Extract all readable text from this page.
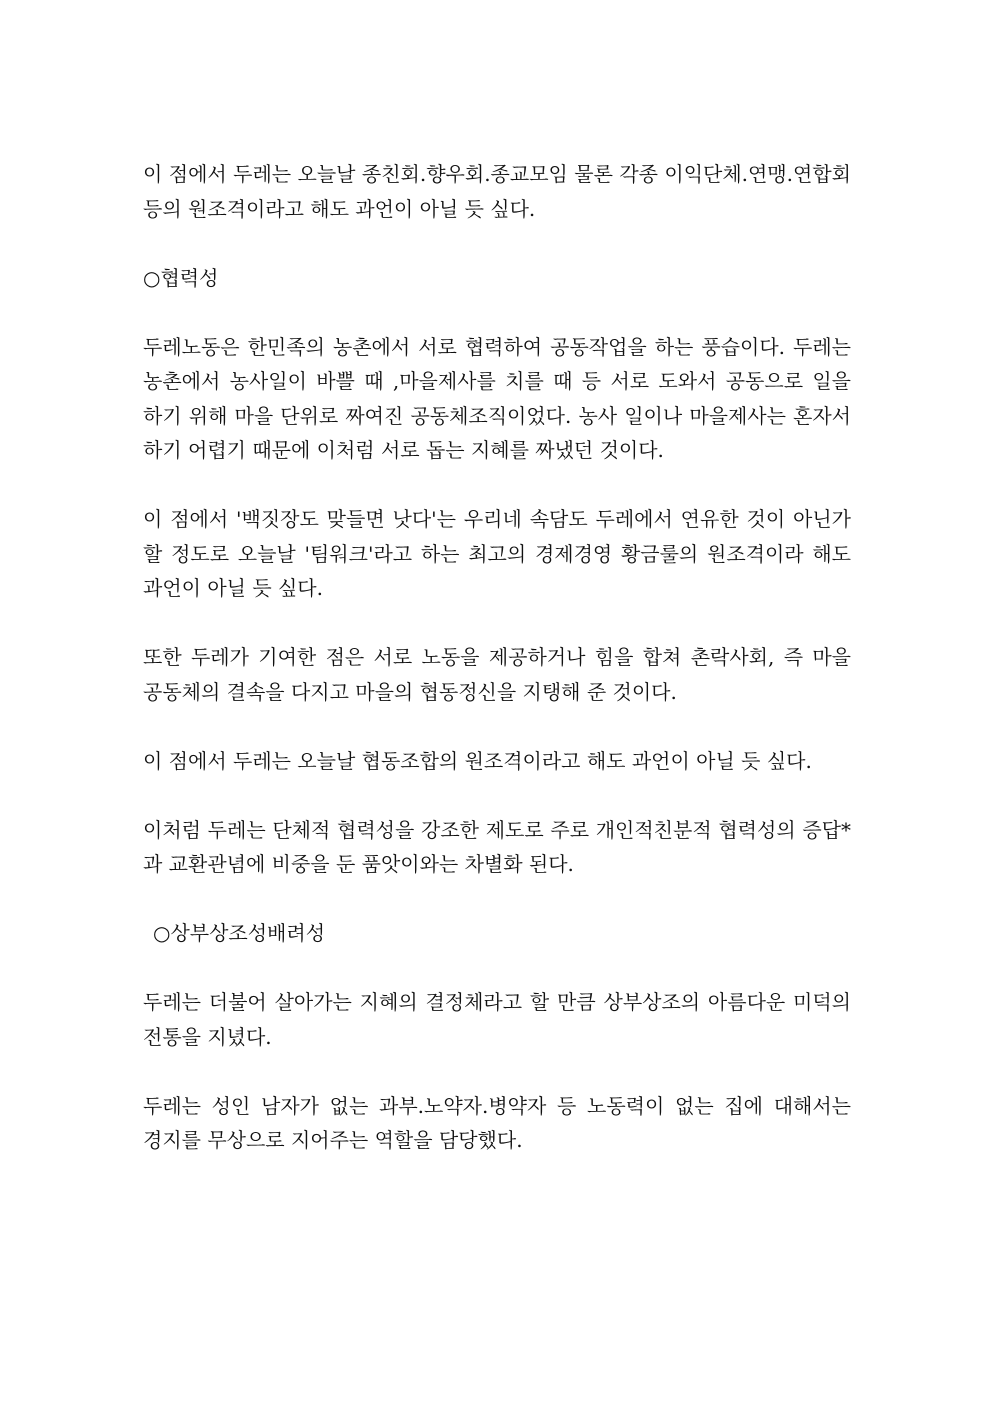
이 점에서 두레는 오늘날 종친회.향우회.종교모임 물론 각종 이익단체.연맹.연합회 등의 원조격이라고 해도 과언이 아닐 듯 싶다.

○협력성

두레노동은 한민족의 농촌에서 서로 협력하여 공동작업을 하는 풍습이다. 두레는 농촌에서 농사일이 바쁠 때 ,마을제사를 치를 때 등 서로 도와서 공동으로 일을 하기 위해 마을 단위로 짜여진 공동체조직이었다. 농사 일이나 마을제사는 혼자서 하기 어렵기 때문에 이처럼 서로 돕는 지혜를 짜냈던 것이다.

이 점에서 '백짓장도 맞들면 낫다'는 우리네 속담도 두레에서 연유한 것이 아닌가 할 정도로 오늘날 '팀워크'라고 하는 최고의 경제경영 황금룰의 원조격이라 해도 과언이 아닐 듯 싶다.

또한 두레가 기여한 점은 서로 노동을 제공하거나 힘을 합쳐 촌락사회, 즉 마을 공동체의 결속을 다지고 마을의 협동정신을 지탱해 준 것이다.

이 점에서 두레는 오늘날 협동조합의 원조격이라고 해도 과언이 아닐 듯 싶다.

이처럼 두레는 단체적 협력성을 강조한 제도로 주로 개인적친분적 협력성의 증답*과 교환관념에 비중을 둔 품앗이와는 차별화 된다.

○상부상조성배려성

두레는 더불어 살아가는 지혜의 결정체라고 할 만큼 상부상조의 아름다운 미덕의 전통을 지녔다.

두레는 성인 남자가 없는 과부.노약자.병약자 등 노동력이 없는 집에 대해서는 경지를 무상으로 지어주는 역할을 담당했다.
